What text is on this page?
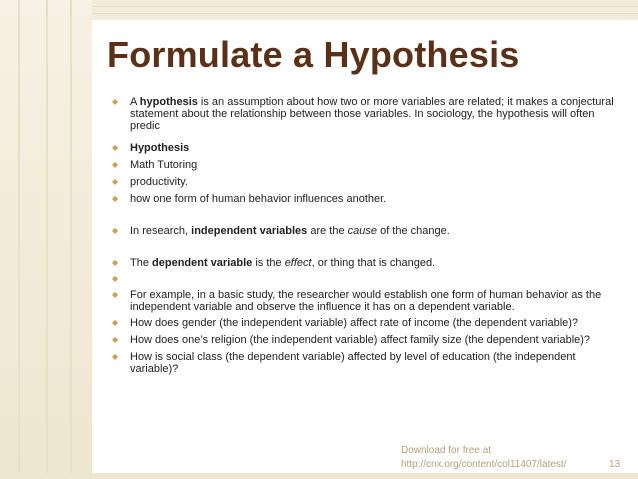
Formulate a Hypothesis
◆ A hypothesis is an assumption about how two or more variables are related; it makes a conjectural statement about the relationship between those variables. In sociology, the hypothesis will often predic
◆ Hypothesis
◆ Math Tutoring
◆ productivity.
◆ how one form of human behavior influences another.
◆ In research, independent variables are the cause of the change.
◆ The dependent variable is the effect, or thing that is changed.
◆
◆ For example, in a basic study, the researcher would establish one form of human behavior as the independent variable and observe the influence it has on a dependent variable.
◆ How does gender (the independent variable) affect rate of income (the dependent variable)?
◆ How does one’s religion (the independent variable) affect family size (the dependent variable)?
◆ How is social class (the dependent variable) affected by level of education (the independent variable)?
Download for free at
http://cnx.org/content/col11407/latest/	13
